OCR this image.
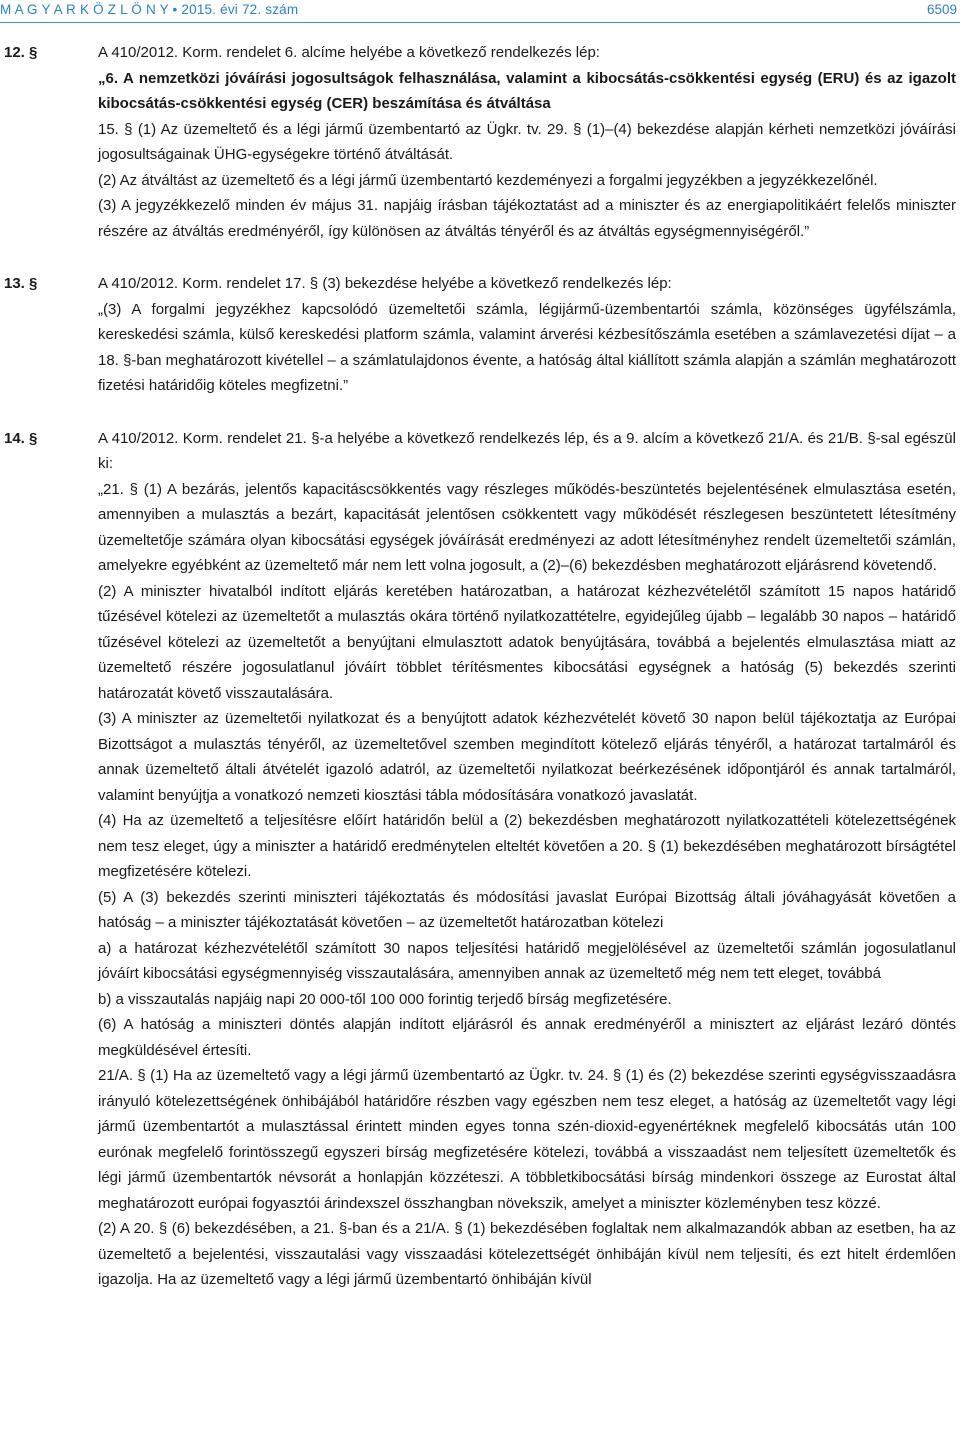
M A G Y A R K Ö Z L Ö N Y • 2015. évi 72. szám	6509
12. §	A 410/2012. Korm. rendelet 6. alcíme helyébe a következő rendelkezés lép:

„6. A nemzetközi jóváírási jogosultságok felhasználása, valamint a kibocsátás-csökkentési egység (ERU) és az igazolt kibocsátás-csökkentési egység (CER) beszámítása és átváltása

15. § (1) Az üzemeltető és a légi jármű üzembentartó az Ügkr. tv. 29. § (1)–(4) bekezdése alapján kérheti nemzetközi jóváírási jogosultságainak ÜHG-egységekre történő átváltását.

(2) Az átváltást az üzemeltető és a légi jármű üzembentartó kezdeményezi a forgalmi jegyzékben a jegyzékkezelőnél.

(3) A jegyzékkezelő minden év május 31. napjáig írásban tájékoztatást ad a miniszter és az energiapolitikáért felelős miniszter részére az átváltás eredményéről, így különösen az átváltás tényéről és az átváltás egységmennyiségéről.”

13. §	A 410/2012. Korm. rendelet 17. § (3) bekezdése helyébe a következő rendelkezés lép:

„(3) A forgalmi jegyzékhez kapcsolódó üzemeltetői számla, légijármű-üzembentartói számla, közönséges ügyfélszámla, kereskedési számla, külső kereskedési platform számla, valamint árverési kézbesítőszámla esetében a számlavezetési díjat – a 18. §-ban meghatározott kivétellel – a számlatulajdonos évente, a hatóság által kiállított számla alapján a számlán meghatározott fizetési határidőig köteles megfizetni.”

14. §	A 410/2012. Korm. rendelet 21. §-a helyébe a következő rendelkezés lép, és a 9. alcím a következő 21/A. és 21/B. §-sal egészül ki:

„21. § (1) A bezárás, jelentős kapacitáscsökkentés vagy részleges működés-beszüntetés bejelentésének elmulasztása esetén, amennyiben a mulasztás a bezárt, kapacitását jelentősen csökkentett vagy működését részlegesen beszüntetett létesítmény üzemeltetője számára olyan kibocsátási egységek jóváírását eredményezi az adott létesítményhez rendelt üzemeltetői számlán, amelyekre egyébként az üzemeltető már nem lett volna jogosult, a (2)–(6) bekezdésben meghatározott eljárásrend követendő.

(2) A miniszter hivatalból indított eljárás keretében határozatban, a határozat kézhezvételétől számított 15 napos határidő tűzésével kötelezi az üzemeltetőt a mulasztás okára történő nyilatkozattételre, egyidejűleg újabb – legalább 30 napos – határidő tűzésével kötelezi az üzemeltetőt a benyújtani elmulasztott adatok benyújtására, továbbá a bejelentés elmulasztása miatt az üzemeltető részére jogosulatlanul jóváírt többlet térítésmentes kibocsátási egységnek a hatóság (5) bekezdés szerinti határozatát követő visszautalására.

(3) A miniszter az üzemeltetői nyilatkozat és a benyújtott adatok kézhezvételét követő 30 napon belül tájékoztatja az Európai Bizottságot a mulasztás tényéről, az üzemeltetővel szemben megindított kötelező eljárás tényéről, a határozat tartalmáról és annak üzemeltető általi átvételét igazoló adatról, az üzemeltetői nyilatkozat beérkezésének időpontjáról és annak tartalmáról, valamint benyújtja a vonatkozó nemzeti kiosztási tábla módosítására vonatkozó javaslatát.

(4) Ha az üzemeltető a teljesítésre előírt határidőn belül a (2) bekezdésben meghatározott nyilatkozattételi kötelezettségének nem tesz eleget, úgy a miniszter a határidő eredménytelen elteltét követően a 20. § (1) bekezdésében meghatározott bírságtétel megfizetésére kötelezi.

(5) A (3) bekezdés szerinti miniszteri tájékoztatás és módosítási javaslat Európai Bizottság általi jóváhagyását követően a hatóság – a miniszter tájékoztatását követően – az üzemeltetőt határozatban kötelezi

a) a határozat kézhezvételétől számított 30 napos teljesítési határidő megjelölésével az üzemeltetői számlán jogosulatlanul jóváírt kibocsátási egységmennyiség visszautalására, amennyiben annak az üzemeltető még nem tett eleget, továbbá

b) a visszautalás napjáig napi 20 000-től 100 000 forintig terjedő bírság megfizetésére.

(6) A hatóság a miniszteri döntés alapján indított eljárásról és annak eredményéről a minisztert az eljárást lezáró döntés megküldésével értesíti.

21/A. § (1) Ha az üzemeltető vagy a légi jármű üzembentartó az Ügkr. tv. 24. § (1) és (2) bekezdése szerinti egységvisszaadásra irányuló kötelezettségének önhibájából határidőre részben vagy egészben nem tesz eleget, a hatóság az üzemeltetőt vagy légi jármű üzembentartót a mulasztással érintett minden egyes tonna szén-dioxid-egyenértéknek megfelelő kibocsátás után 100 eurónak megfelelő forintösszegű egyszeri bírság megfizetésére kötelezi, továbbá a visszaadást nem teljesített üzemeltetők és légi jármű üzembentartók névsorát a honlapján közzéteszi. A többletkibocsátási bírság mindenkori összege az Eurostat által meghatározott európai fogyasztói árindexszel összhangban növekszik, amelyet a miniszter közleményben tesz közzé.

(2) A 20. § (6) bekezdésében, a 21. §-ban és a 21/A. § (1) bekezdésében foglaltak nem alkalmazandók abban az esetben, ha az üzemeltető a bejelentési, visszautalási vagy visszaadási kötelezettségét önhibáján kívül nem teljesíti, és ezt hitelt érdemlően igazolja. Ha az üzemeltető vagy a légi jármű üzembentartó önhibáján kívül
